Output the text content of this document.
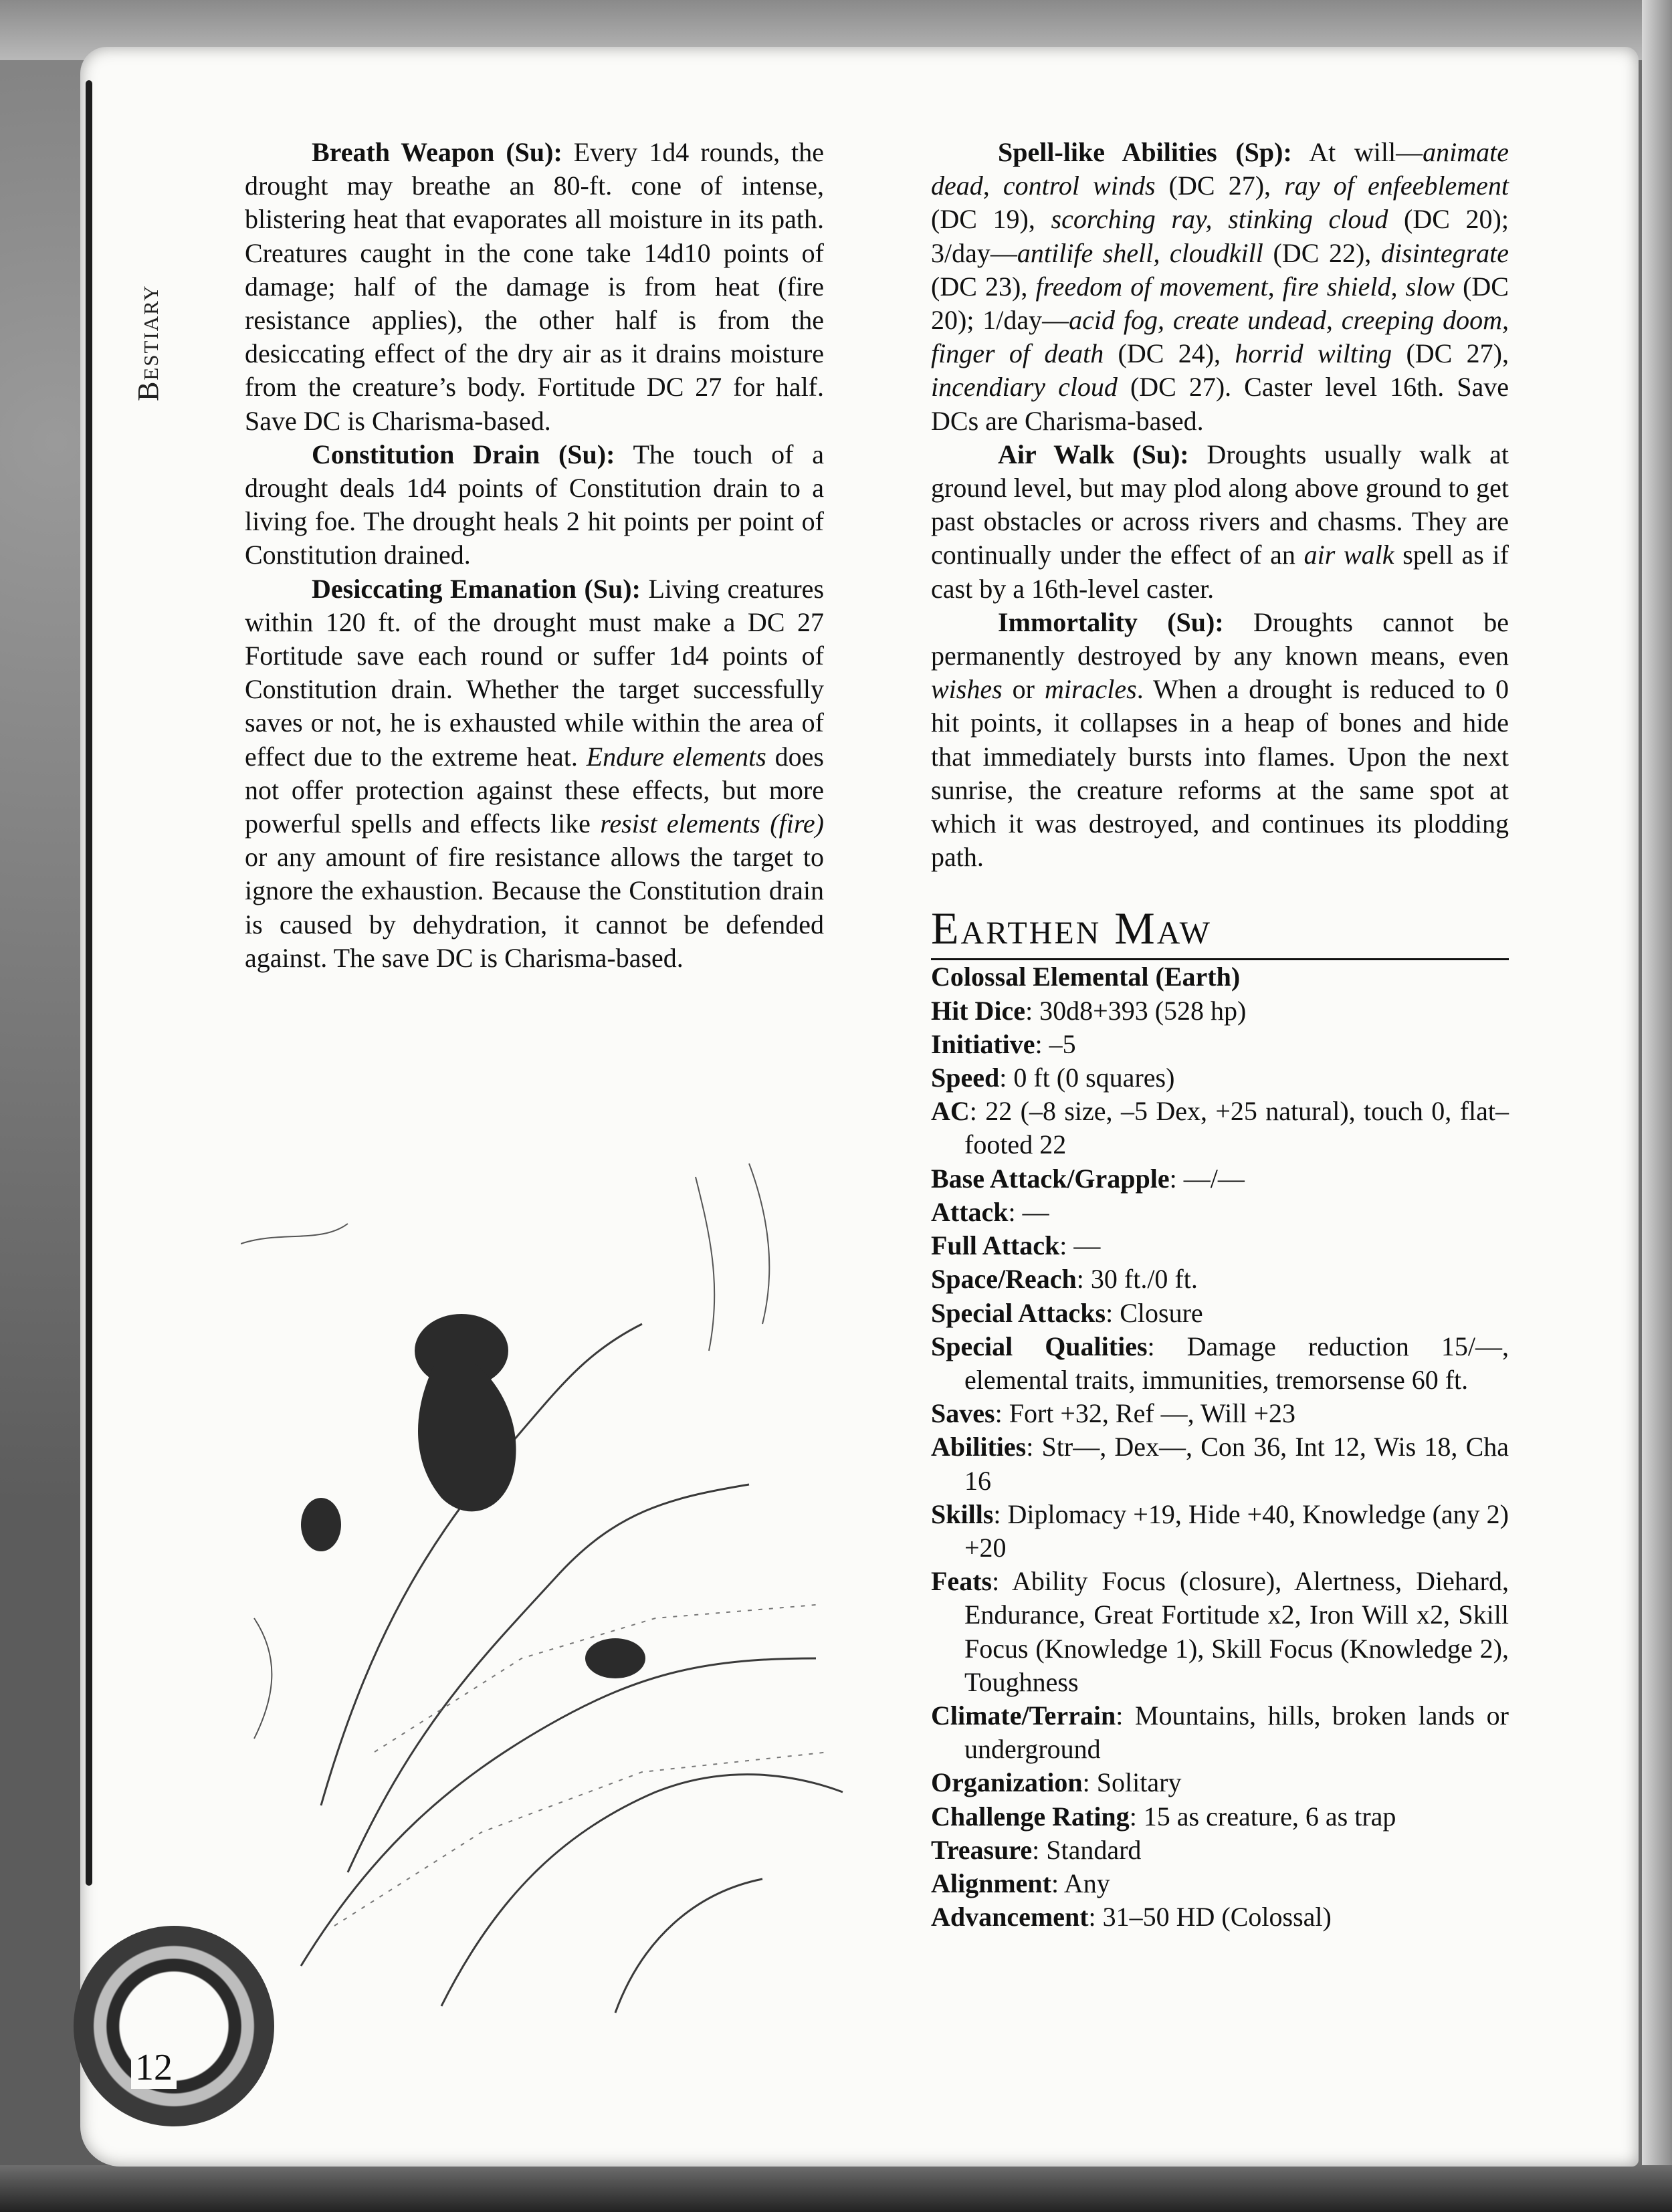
Bestiary
12

Breath Weapon (Su): Every 1d4 rounds, the drought may breathe an 80-ft. cone of intense, blistering heat that evaporates all moisture in its path. Creatures caught in the cone take 14d10 points of damage; half of the damage is from heat (fire resistance applies), the other half is from the desiccating effect of the dry air as it drains moisture from the creature’s body. Fortitude DC 27 for half. Save DC is Charisma-based.

Constitution Drain (Su): The touch of a drought deals 1d4 points of Constitution drain to a living foe. The drought heals 2 hit points per point of Constitution drained.

Desiccating Emanation (Su): Living creatures within 120 ft. of the drought must make a DC 27 Fortitude save each round or suffer 1d4 points of Constitution drain. Whether the target successfully saves or not, he is exhausted while within the area of effect due to the extreme heat. Endure elements does not offer protection against these effects, but more powerful spells and effects like resist elements (fire) or any amount of fire resistance allows the target to ignore the exhaustion. Because the Constitution drain is caused by dehydration, it cannot be defended against. The save DC is Charisma-based.

Spell-like Abilities (Sp): At will—animate dead, control winds (DC 27), ray of enfeeblement (DC 19), scorching ray, stinking cloud (DC 20); 3/day—antilife shell, cloudkill (DC 22), disintegrate (DC 23), freedom of movement, fire shield, slow (DC 20); 1/day—acid fog, create undead, creeping doom, finger of death (DC 24), horrid wilting (DC 27), incendiary cloud (DC 27). Caster level 16th. Save DCs are Charisma-based.

Air Walk (Su): Droughts usually walk at ground level, but may plod along above ground to get past obstacles or across rivers and chasms. They are continually under the effect of an air walk spell as if cast by a 16th-level caster.

Immortality (Su): Droughts cannot be permanently destroyed by any known means, even wishes or miracles. When a drought is reduced to 0 hit points, it collapses in a heap of bones and hide that immediately bursts into flames. Upon the next sunrise, the creature reforms at the same spot at which it was destroyed, and continues its plodding path.

Earthen Maw

Colossal Elemental (Earth)

Hit Dice: 30d8+393 (528 hp)

Initiative: –5

Speed: 0 ft (0 squares)

AC: 22 (–8 size, –5 Dex, +25 natural), touch 0, flat–footed 22

Base Attack/Grapple: —/—

Attack: —

Full Attack: —

Space/Reach: 30 ft./0 ft.

Special Attacks: Closure

Special Qualities: Damage reduction 15/—, elemental traits, immunities, tremorsense 60 ft.

Saves: Fort +32, Ref —, Will +23

Abilities: Str—, Dex—, Con 36, Int 12, Wis 18, Cha 16

Skills: Diplomacy +19, Hide +40, Knowledge (any 2) +20

Feats: Ability Focus (closure), Alertness, Diehard, Endurance, Great Fortitude x2, Iron Will x2, Skill Focus (Knowledge 1), Skill Focus (Knowledge 2), Toughness

Climate/Terrain: Mountains, hills, broken lands or underground

Organization: Solitary

Challenge Rating: 15 as creature, 6 as trap

Treasure: Standard

Alignment: Any

Advancement: 31–50 HD (Colossal)
